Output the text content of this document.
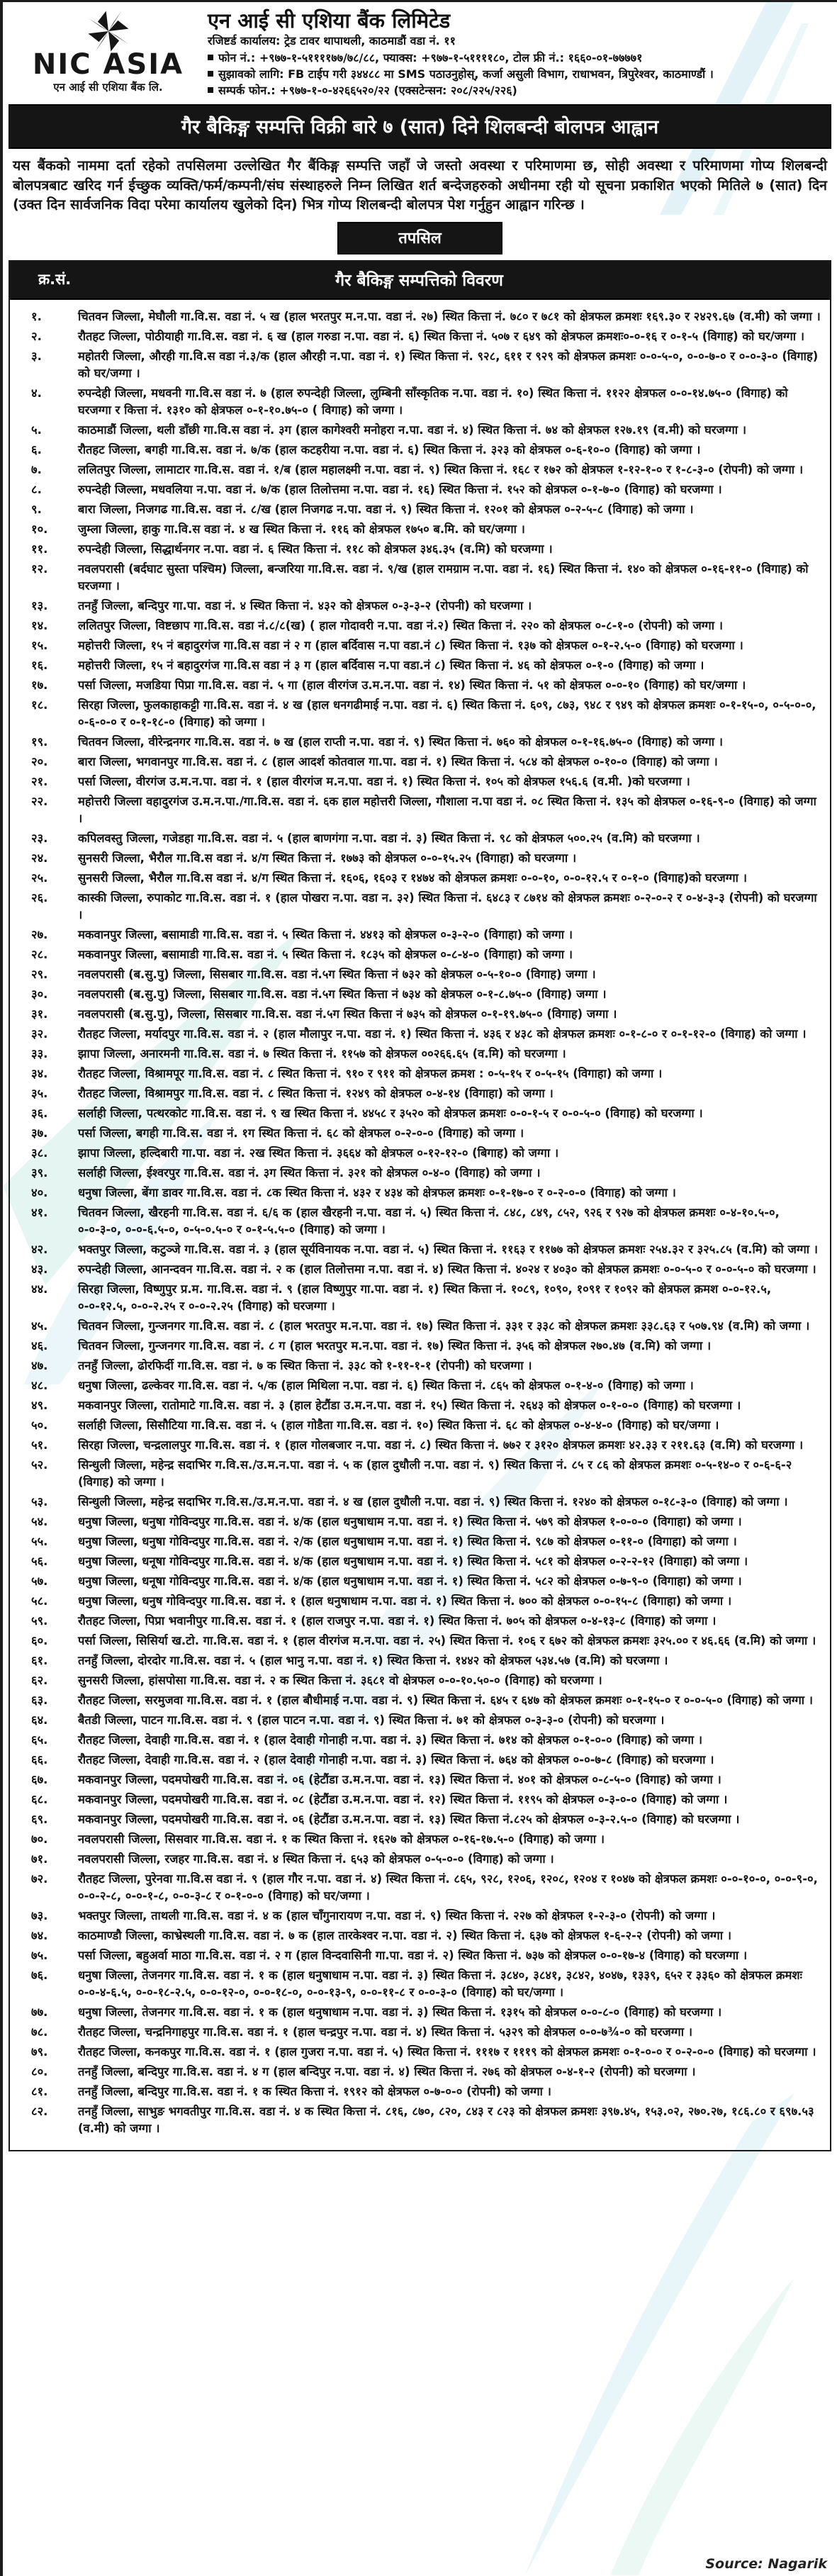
NIC ASIA
एन आई सी एशिया बैंक लि.
एन आई सी एशिया बैंक लिमिटेड
रजिष्टर्ड कार्यालय: ट्रेड टावर थापाथली, काठमाडौं वडा नं. ११
फोन नं.: +९७७-१-५११११७७/७८/८८, फ्याक्स: +९७७-१-५११११८०, टोल फ्री नं.: १६६०-०१-७७७७१
सुझावको लागि: FB टाईप गरी ३४४८८ मा SMS पठाउनुहोस्, कर्जा असुली विभाग, राधाभवन, त्रिपुरेश्वर, काठमाण्डौं ।
सम्पर्क फोन.: +९७७-१-०-४२६६५२०/२२ (एक्सटेन्सन: २०८/२२५/२२६)
गैर बैकिङ्ग सम्पत्ति विक्री बारे ७ (सात) दिने शिलबन्दी बोलपत्र आह्वान
यस बैंकको नाममा दर्ता रहेको तपसिलमा उल्लेखित गैर बैंकिङ्ग सम्पत्ति जहाँ जे जस्तो अवस्था र परिमाणमा छ, सोही अवस्था र परिमाणमा गोप्य शिलबन्दी बोलपत्रबाट खरिद गर्न ईच्छुक व्यक्ति/फर्म/कम्पनी/संघ संस्थाहरुले निम्न लिखित शर्त बन्देजहरुको अधीनमा रही यो सूचना प्रकाशित भएको मितिले ७ (सात) दिन (उक्त दिन सार्वजनिक विदा परेमा कार्यालय खुलेको दिन) भित्र गोप्य शिलबन्दी बोलपत्र पेश गर्नुहुन आह्वान गरिन्छ ।
तपसिल
क्र.सं.	गैर बैकिङ्ग सम्पत्तिको विवरण
१.	चितवन जिल्ला, मेघौली गा.वि.स. वडा नं. ५ ख (हाल भरतपुर म.न.पा. वडा नं. २७) स्थित कित्ता नं. ७८० र ७८१ को क्षेत्रफल क्रमशः १६९.३० र २४२९.६७ (व.मी) को जग्गा ।
२.	रौतहट जिल्ला, पोठीयाही गा.वि.स. वडा नं. ६ ख (हाल गरुडा न.पा. वडा नं. ६) स्थित कित्ता नं. ५०७ र ६४९ को क्षेत्रफल क्रमशः०-०-१६ र ०-१-५ (विगाह) को घर/जग्गा ।
३.	महोतरी जिल्ला, औरही गा.वि.स वडा नं.३/क (हाल औरही न.पा. वडा नं. १) स्थित कित्ता नं. ९२८, ६११ र ९२९ को क्षेत्रफल क्रमशः ०-०-५-०, ०-०-७-० र ०-०-३-० (विगाह) को घर/जग्गा ।
४.	रुपन्देही जिल्ला, मधवनी गा.वि.स वडा नं. ७ (हाल रुपन्देही जिल्ला, लुम्बिनी साँस्कृतिक न.पा. वडा नं. १०) स्थित कित्ता नं. ११२२ क्षेत्रफल ०-०-१४.७५-० (विगाह) को घरजग्गा र कित्ता नं. १३१० को क्षेत्रफल ०-१-१०.७५-० ( विगाह) को जग्गा ।
५.	काठमाडौं जिल्ला, थली डाँछी गा.वि.स वडा नं. ३ग (हाल कागेश्वरी मनोहरा न.पा. वडा नं. ४) स्थित कित्ता नं. ७४ को क्षेत्रफल १२७.१९ (व.मी) को घरजग्गा ।
६.	रौतहट जिल्ला, बगही गा.वि.स. वडा नं. ७/क (हाल कटहरीया न.पा. वडा नं. ६) स्थित कित्ता नं. ३२३ को क्षेत्रफल ०-६-१०-० (विगाह) को जग्गा ।
७.	ललितपुर जिल्ला, लामाटार गा.वि.स. वडा नं. १/ब (हाल महालक्ष्मी न.पा. वडा नं. ९) स्थित कित्ता नं. १६८ र १७२ को क्षेत्रफल १-१२-१-० र १-८-३-० (रोपनी) को जग्गा ।
८.	रुपन्देही जिल्ला, मधवलिया न.पा. वडा नं. ७/क (हाल तिलोत्तमा न.पा. वडा नं. १६) स्थित कित्ता नं. १५२ को क्षेत्रफल ०-१-७-० (विगाह) को घरजग्गा ।
९.	बारा जिल्ला, निजगढ गा.वि.स. वडा नं. ८/ख (हाल निजगढ न.पा. वडा नं. ९) स्थित कित्ता नं. १२०१ को क्षेत्रफल ०-२-५-८ (विगाह) को जग्गा ।
१०.	जुम्ला जिल्ला, हाकु गा.वि.स वडा नं. ४ ख स्थित कित्ता नं. ११६ को क्षेत्रफल १७५० ब.मि. को घर/जग्गा ।
११.	रुपन्देही जिल्ला, सिद्धार्थनगर न.पा. वडा नं. ६ स्थित कित्ता नं. ११८ को क्षेत्रफल ३४६.३५ (व.मि) को घरजग्गा ।
१२.	नवलपरासी (बर्दघाट सुस्ता पश्चिम) जिल्ला, बन्जरिया गा.वि.स. वडा नं. ९/ख (हाल रामग्राम न.पा. वडा नं. १६) स्थित कित्ता नं. १४० को क्षेत्रफल ०-१६-११-० (विगाह) को घरजग्गा ।
१३.	तनहुँ जिल्ला, बन्दिपुर गा.पा. वडा नं. ४ स्थित कित्ता नं. ४३२ को क्षेत्रफल ०-३-३-२ (रोपनी) को घरजग्गा ।
१४.	ललितपुर जिल्ला, विष्टछाप गा.वि.स. वडा नं.८/८(ख) ( हाल गोदावरी न.पा. वडा नं.२) स्थित कित्ता नं. २२० को क्षेत्रफल ०-८-१-० (रोपनी) को जग्गा ।
१५.	महोत्तरी जिल्ला, १५ नं बहादुरगंज गा.वि.स वडा नं २ ग (हाल बर्दिवास न.पा वडा.नं ८) स्थित कित्ता नं. १३७ को क्षेत्रफल ०-१-२.५-० (विगाह) को घरजग्गा ।
१६.	महोत्तरी जिल्ला, १५ नं बहादुरगंज गा.वि.स वडा नं ३ ग (हाल बर्दिवास न.पा वडा.नं ८) स्थित कित्ता नं. ४६ को क्षेत्रफल ०-१-० (विगाह) को जग्गा ।
१७.	पर्सा जिल्ला, मजडिया पिप्रा गा.वि.स. वडा नं. ५ गा (हाल वीरगंज उ.म.न.पा. वडा नं. १४) स्थित कित्ता नं. ५१ को क्षेत्रफल ०-०-१० (विगाह) को घर/जग्गा ।
१८.	सिरहा जिल्ला, फुलकाहाकट्टी गा.वि.स. वडा नं. ४ ख (हाल धनगढीमाई न.पा. वडा नं. ६) स्थित कित्ता नं. ६०९, ८७३, ९४८ र ९४९ को क्षेत्रफल क्रमशः ०-१-१५-०, ०-५-०-०, ०-६-०-० र ०-१-१८-० (विगाह) को जग्गा ।
१९.	चितवन जिल्ला, वीरेन्द्रनगर गा.वि.स. वडा नं. ७ ख (हाल राप्ती न.पा. वडा नं. ९) स्थित कित्ता नं. ७६० को क्षेत्रफल ०-१-१६.७५-० (विगाह) को जग्गा ।
२०.	बारा जिल्ला, भगवानपुर गा.वि.स. वडा नं. ८ (हाल आदर्श कोतवाल गा.पा. वडा नं. १) स्थित कित्ता नं. ५८४ को क्षेत्रफल ०-१०-० (विगाह) को जग्गा ।
२१.	पर्सा जिल्ला, वीरगंज उ.म.न.पा. वडा नं. १ (हाल वीरगंज म.न.पा. वडा नं. १) स्थित कित्ता नं. १०५ को क्षेत्रफल १५६.६ (व.मी. )को घरजग्गा ।
२२.	महोत्तरी जिल्ला वहादुरगंज उ.म.न.पा./गा.वि.स. वडा नं. ६क हाल महोत्तरी जिल्ला, गौशाला न.पा वडा नं. ०८ स्थित कित्ता नं. १३५ को क्षेत्रफल ०-१६-९-० (विगाह) को जग्गा ।
२३.	कपिलवस्तु जिल्ला, गजेडहा गा.वि.स. वडा नं. ५ (हाल बाणगंगा न.पा. वडा नं. ३) स्थित कित्ता नं. ९८ को क्षेत्रफल ५००.२५ (व.मि) को घरजग्गा ।
२४.	सुनसरी जिल्ला, भैरौल गा.वि.स वडा नं. ४/ग स्थित कित्ता नं. १७७३ को क्षेत्रफल ०-०-१५.२५ (विगाहा) को घरजग्गा ।
२५.	सुनसरी जिल्ला, भैरौल गा.वि.स वडा नं. ४/ग स्थित कित्ता नं. १६०६, १६०३ र १४७४ को क्षेत्रफल क्रमशः ०-०-१०, ०-०-१२.५ र ०-१-० (विगाह)को घरजग्गा ।
२६.	कास्की जिल्ला, रुपाकोट गा.वि.स. वडा नं. १ (हाल पोखरा न.पा. वडा न. ३२) स्थित कित्ता नं. ६४८३ र ८७१४ को क्षेत्रफल क्रमशः ०-२-०-२ र ०-४-३-३ (रोपनी) को घरजग्गा ।
२७.	मकवानपुर जिल्ला, बसामाडी गा.वि.स. वडा नं. ५ स्थित कित्ता नं. ४४१३ को क्षेत्रफल ०-३-२-० (विगाहा) को जग्गा ।
२८.	मकवानपुर जिल्ला, बसामाडी गा.वि.स. वडा नं. ५ स्थित कित्ता नं. १८३५ को क्षेत्रफल ०-८-४-० (विगाहा) को जग्गा ।
२९.	नवलपरासी (ब.सु.पु) जिल्ला, सिसबार गा.वि.स. वडा नं.५ग स्थित कित्ता नं ७३२ को क्षेत्रफल ०-५-१०-० (विगाह) जग्गा ।
३०.	नवलपरासी (ब.सु.पु) जिल्ला, सिसबार गा.वि.स. वडा नं.५ग स्थित कित्ता नं ७३४ को क्षेत्रफल ०-१-८.७५-० (विगाह) जग्गा ।
३१.	नवलपरासी (ब.सु.पु), जिल्ला, सिसबार गा.वि.स. वडा नं.५ग स्थित कित्ता नं ७३५ को क्षेत्रफल ०-१-१९.७५-० (विगाह) जग्गा ।
३२.	रौतहट जिल्ला, मर्यादपुर गा.वि.स. वडा नं. २ (हाल मौलापुर न.पा. वडा नं. १) स्थित कित्ता नं. ४३६ र ४३८ को क्षेत्रफल क्रमशः ०-१-८-० र ०-१-१२-० (विगाह) को जग्गा ।
३३.	झापा जिल्ला, अनारमनी गा.वि.स. वडा नं. ७ स्थित कित्ता नं. ११५७ को क्षेत्रफल ००२६६.६५ (व.मि) को घरजग्गा ।
३४.	रौतहट जिल्ला, विश्रामपूर गा.वि.स. वडा नं. ८ स्थित कित्ता नं. ९१० र ९११ को क्षेत्रफल क्रमश : ०-५-१५ र ०-५-१५ (विगाहा) को जग्गा ।
३५.	रौतहट जिल्ला, विश्रामपुर गा.वि.स. वडा नं. ८ स्थित कित्ता नं. १२४९ को क्षेत्रफल ०-४-१४ (विगाहा) को जग्गा ।
३६.	सर्लाही जिल्ला, पत्थरकोट गा.वि.स. वडा नं. ९ ख स्थित कित्ता नं. ४४५८ र ३५२० को क्षेत्रफल क्रमशः ०-०-१-५ र ०-०-५-० (विगाह) को घरजग्गा ।
३७.	पर्सा जिल्ला, बगही गा.वि.स. वडा नं. १ग स्थित कित्ता नं. ६८ को क्षेत्रफल ०-२-०-० (विगाह) को जग्गा ।
३८.	झापा जिल्ला, हल्दिबारी गा.पा. वडा नं. २ख स्थित कित्ता नं. ३६६४ को क्षेत्रफल ०-१२-१२-० (बिगाह) को जग्गा ।
३९.	सर्लाही जिल्ला, ईश्वरपुर गा.वि.स. वडा नं. ३ग स्थित कित्ता नं. ३२१ को क्षेत्रफल ०-४-० (विगाह) को जग्गा ।
४०.	धनुषा जिल्ला, बेंगा डावर गा.वि.स. वडा नं. ८क स्थित कित्ता नं. ४३२ र ४३४ को क्षेत्रफल क्रमशः ०-१-१७-० र ०-२-०-० (विगाह) को जग्गा ।
४१.	चितवन जिल्ला, खैरहनी गा.वि.स. वडा नं. ६/६ क (हाल खैरहनी न.पा. वडा नं. ५) स्थित कित्ता नं. ८४८, ८४९, ८५२, ९२६ र ९२७ को क्षेत्रफल क्रमशः ०-४-१०.५-०, ०-०-३-०, ०-०-६.५-०, ०-५-०.५-० र ०-१-५.५-० (विगाह) को जग्गा ।
४२.	भक्तपुर जिल्ला, कटुञ्जे गा.वि.स. वडा नं. ३ (हाल सूर्यविनायक न.पा. वडा नं. ५) स्थित कित्ता नं. ११६३ र ११७७ को क्षेत्रफल क्रमशः २५४.३२ र ३२५.८५ (व.मि) को जग्गा ।
४३.	रुपन्देही जिल्ला, आनन्दवन गा.वि.स. वडा नं. २ क (हाल तिलोत्तमा न.पा. वडा नं. ४) स्थित कित्ता नं. ४०२४ र ४०३० को क्षेत्रफल क्रमशः ०-०-५-० र ०-०-५-० को घरजग्गा ।
४४.	सिरहा जिल्ला, विष्णुपुर प्र.म. गा.वि.स. वडा नं. ९ (हाल विष्णुपुर गा.पा. वडा नं. १) स्थित कित्ता नं. १०८९, १०९०, १०९१ र १०९२ को क्षेत्रफल क्रमश ०-०-१२.५, ०-०-१२.५, ०-०-२.२५ र ०-०-२.२५ (विगाह) को घरजग्गा ।
४५.	चितवन जिल्ला, गुन्जनगर गा.वि.स. वडा नं. ८ (हाल भरतपुर म.न.पा. वडा नं. १७) स्थित कित्ता नं. ३३१ र ३३८ को क्षेत्रफल क्रमशः ३३८.६३ र ५०७.९४ (व.मि) को जग्गा ।
४६.	चितवन जिल्ला, गुन्जनगर गा.वि.स. वडा नं. ८ ग (हाल भरतपुर म.न.पा. वडा नं. १७) स्थित कित्ता नं. ३५६ को क्षेत्रफल २७०.४७ (व.मि) को जग्गा ।
४७.	तनहुँ जिल्ला, ढोरफिर्दी गा.वि.स. वडा नं. ७ क स्थित कित्ता नं. ३३८ को १-११-१-१ (रोपनी) को घरजग्गा ।
४८.	धनुषा जिल्ला, ढल्केवर गा.वि.स. वडा नं. ५/क (हाल मिथिला न.पा. वडा नं. ६) स्थित कित्ता नं. ८६५ को क्षेत्रफल ०-१-४-० (विगाह) को जग्गा ।
४९.	मकवानपुर जिल्ला, रातोमाटे गा.वि.स. वडा नं. ३ (हाल हेटौंडा उ.म.न.पा. वडा नं. १५) स्थित कित्ता नं. २६४३ को क्षेत्रफल ०-१-०-० (विगाह) को घरजग्गा ।
५०.	सर्लाही जिल्ला, सिसौटिया गा.वि.स. वडा नं. ५ (हाल गोडैता गा.वि.स. वडा नं. १०) स्थित कित्ता नं. ६८ को क्षेत्रफल ०-४-४-० (विगाह) को घर/जग्गा ।
५१.	सिरहा जिल्ला, चन्द्रलालपुर गा.वि.स. वडा नं. १ (हाल गोलबजार न.पा. वडा नं. ८) स्थित कित्ता नं. ७७२ र ३१२० क्षेत्रफल क्रमशः ४२.३३ र २११.६३ (व.मि) को घरजग्गा ।
५२.	सिन्धुली जिल्ला, महेन्द्र सदाभिर ग.वि.स./उ.म.न.पा. वडा नं. ५ क (हाल दुधौली न.पा. वडा नं. ९) स्थित कित्ता नं. ८५ र ८६ को क्षेत्रफल क्रमशः ०-५-१४-० र ०-६-६-२ (विगाह) को जग्गा ।
५३.	सिन्धुली जिल्ला, महेन्द्र सदाभिर ग.वि.स./उ.म.न.पा. वडा नं. ४ ख (हाल दुधौली न.पा. वडा नं. ९) स्थित कित्ता नं. १२४० को क्षेत्रफल ०-१८-३-० (विगाह) को जग्गा ।
५४.	धनुषा जिल्ला, धनुषा गोविन्दपुर गा.वि.स. वडा नं. ४/क (हाल धनुषाधाम न.पा. वडा नं. १) स्थित कित्ता नं. ५७९ को क्षेत्रफल १-०-०-० (विगाहा) को जग्गा ।
५५.	धनुषा जिल्ला, धनुषा गोविन्दपुर गा.वि.स. वडा नं. २/क (हाल धनुषाधाम न.पा. वडा नं. १) स्थित कित्ता नं. ९८७ को क्षेत्रफल ०-११-० (विगाहा) को जग्गा ।
५६.	धनुषा जिल्ला, धनूषा गोविन्दपुर गा.वि.स. वडा नं. ४/क (हाल धनुषाधाम न.पा. वडा नं. १) स्थित कित्ता नं. ५८१ को क्षेत्रफल ०-२-२-१२ (विगाहा) को जग्गा ।
५७.	धनुषा जिल्ला, धनूषा गोविन्दपुर गा.वि.स. वडा नं. ४/क (हाल धनुषाधाम न.पा. वडा नं. १) स्थित कित्ता नं. ५८२ को क्षेत्रफल ०-७-९-० (विगाहा) को जग्गा ।
५८.	धनुषा जिल्ला, धनुष गोविन्दपुर गा.वि.स. वडा नं. १ (हाल धनुषाधाम न.पा. वडा नं. १) स्थित कित्ता नं. ७०० को क्षेत्रफल ०-०-१५-८ (विगाहा) को जग्गा ।
५९.	रौतहट जिल्ला, पिप्रा भवानीपुर गा.वि.स. वडा नं. १ (हाल राजपुर न.पा. वडा नं. १) स्थित कित्ता नं. ७०५ को क्षेत्रफल ०-४-१३-८ (विगाह) को जग्गा ।
६०.	पर्सा जिल्ला, सिसिर्या ख.टो. गा.वि.स. वडा नं. १ (हाल वीरगंज म.न.पा. वडा नं. २५) स्थित कित्ता नं. १०६ र ६७२ को क्षेत्रफल क्रमशः ३२५.०० र ४६.६६ (व.मि) को जग्गा ।
६१.	तनहुँ जिल्ला, दोरदोर गा.वि.स. वडा नं. ५ (हाल भानु न.पा. वडा नं. १) स्थित कित्ता नं. १४४२ को क्षेत्रफल ५३४.५७ (व.मि) को घरजग्गा ।
६२.	सुनसरी जिल्ला, हांसपोसा गा.वि.स. वडा नं. २ क स्थित कित्ता नं. ३६८१ वो क्षेत्रफल ०-०-१०.५०-० (विगाह) को घरजग्गा ।
६३.	रौतहट जिल्ला, सरमुजवा गा.वि.स. वडा नं. १ (हाल बौधीमाई न.पा. वडा नं. ९) स्थित कित्ता नं. ६४५ र ६४७ को क्षेत्रफल क्रमशः ०-१-१५-० र ०-०-५-० (विगाह) को जग्गा ।
६४.	बैतडी जिल्ला, पाटन गा.वि.स. वडा नं. ९ (हाल पाटन न.पा. वडा नं. ९) स्थित कित्ता नं. ७१ को क्षेत्रफल ०-३-३-० (रोपनी) को घरजग्गा ।
६५.	रौतहट जिल्ला, देवाही गा.वि.स. वडा नं. १ (हाल देवाही गोनाही न.पा. वडा नं. ३) स्थित कित्ता नं. ७१४ को क्षेत्रफल ०-१-०-० (विगाह) को जग्गा ।
६६.	रौतहट जिल्ला, देवाही गा.वि.स. वडा नं. २ (हाल देवाही गोनाही न.पा. वडा नं. ३) स्थित कित्ता नं. ७६४ को क्षेत्रफल ०-०-७-८ (विगाह) को घरजग्गा ।
६७.	मकवानपुर जिल्ला, पदमपोखरी गा.वि.स. वडा नं. ०६ (हेटौंडा उ.म.न.पा. वडा नं. १३) स्थित कित्ता नं. ४०१ को क्षेत्रफल ०-८-५-० (विगाह) को जग्गा ।
६८.	मकवानपुर जिल्ला, पदमपोखरी गा.वि.स. वडा नं. ०८ (हेटौंडा उ.म.न.पा. वडा नं. १२) स्थित कित्ता नं. ११९५ को क्षेत्रफल ०-३-०-० (विगाह) को जग्गा ।
६९.	मकवानपुर जिल्ला, पदमपोखरी गा.वि.स. वडा नं. ०६ (हेटौंडा उ.म.न.पा. वडा नं. १३) स्थित कित्ता नं.८२५ को क्षेत्रफल ०-३-२.५-० (विगाह) को घरजग्गा ।
७०.	नवलपरासी जिल्ला, सिसवार गा.वि.स. वडा नं. १ क स्थित कित्ता नं. १६२७ को क्षेत्रफल ०-१६-१७.५-० (विगाह) को जग्गा ।
७१.	नवलपरासी जिल्ला, रजहर गा.वि.स. वडा नं. ४ स्थित कित्ता नं. ६५३ को क्षेत्रफल ०-५-०-० (विगाह) को जग्गा ।
७२.	रौतहट जिल्ला, पुरेनवा गा.वि.स वडा नं. ९ (हाल गौर न.पा. वडा नं. ४) स्थित कित्ता नं. ८६५, ९२८, १२०६, १२०८, १२०४ र १०४७ को क्षेत्रफल क्रमशः ०-०-१०-०, ०-०-९-०, ०-०-२-८, ०-०-१-८, ०-०-३-८ र ०-१-०-० (विगाह) को घर/जग्गा ।
७३.	भक्तपुर जिल्ला, ताथली गा.वि.स. वडा नं. ४ क (हाल चाँगुनारायण न.पा. वडा नं. ९) स्थित कित्ता नं. २२७ को क्षेत्रफल १-२-३-० (रोपनी) को जग्गा ।
७४.	काठमाण्डौ जिल्ला, काभ्रेस्थली गा.वि.स. वडा नं. ७ क (हाल तारकेश्वर न.पा. वडा नं. २) स्थित कित्ता नं. ६३७ को क्षेत्रफल १-६-२-२ (रोपनी) को जग्गा ।
७५.	पर्सा जिल्ला, बहुअर्वा माठा गा.वि.स. वडा नं. २ ग (हाल विन्दवासिनी गा.पा. वडा नं. २) स्थित कित्ता नं. ७३७ को क्षेत्रफल ०-०-१७-४ (विगाह) को घरजग्गा ।
७६.	धनुषा जिल्ला, तेजनगर गा.वि.स. वडा नं. १ क (हाल धनुषाधाम न.पा. वडा नं. ३) स्थित कित्ता नं. ३८४०, ३८४१, ३८४२, ४०४७, १३३९, ६५२ र ३३६० को क्षेत्रफल क्रमशः ०-०-४-६.५, ०-०-१८-२.५, ०-०-१२-०, ०-०-१८-०, ०-०-१३-९, ०-०-११-८ र ०-०-३-० (विगाह) को घर/जग्गा ।
७७.	धनुषा जिल्ला, तेजनगर गा.वि.स. वडा नं. १ क (हाल धनुषाधाम न.पा. वडा नं. ३) स्थित कित्ता नं. १३१५ को क्षेत्रफल ०-०-८-० (विगाह) को घरजग्गा ।
७८.	रौतहट जिल्ला, चन्द्रनिगाहपुर गा.वि.स. वडा नं. १ (हाल चन्द्रपुर न.पा. वडा नं. ४) स्थित कित्ता नं. ५३२९ को क्षेत्रफल ०-०-७¾-० को घरजग्गा ।
७९.	रौतहट जिल्ला, कनकपुर गा.वि.स. वडा नं. १ (हाल गुजरा न.पा. वडा नं. ५) स्थित कित्ता नं. १११७ र १११९ को क्षेत्रफल क्रमशः ०-१-०-० र ०-२-०-० (विगाह) को घरजग्गा ।
८०.	तनहुँ जिल्ला, बन्दिपुर गा.वि.स. वडा नं. ४ ग (हाल बन्दिपुर न.पा. वडा नं. ४) स्थित कित्ता नं. २७६ को क्षेत्रफल ०-४-१-२ (रोपनी) को घरजग्गा ।
८१.	तनहुँ जिल्ला, बन्दिपुर गा.वि.स. वडा नं. १ क स्थित कित्ता नं. १९१२ को क्षेत्रफल ०-७-०-० (रोपनी) को जग्गा ।
८२.	तनहुँ जिल्ला, साभुङ भगवतीपुर गा.वि.स. वडा नं. ४ क स्थित कित्ता नं. ८१६, ८७०, ८२०, ८४३ र ८२३ को क्षेत्रफल क्रमशः ३९७.४५, १५३.०२, २७०.२७, १८६.८० र ६९७.५३ (व.मी) को जग्गा ।
Source: Nagarik
